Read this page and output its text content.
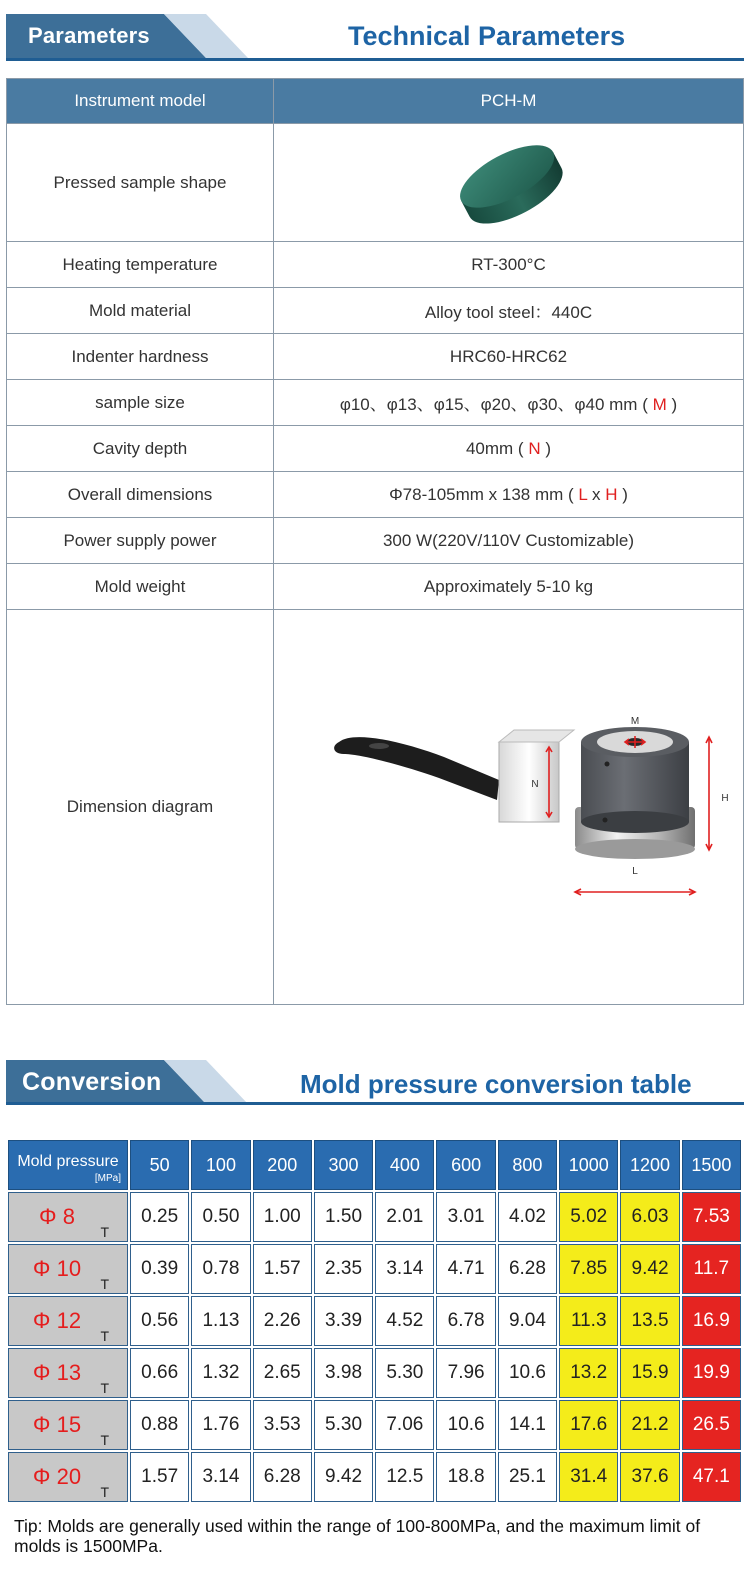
Parameters	Technical Parameters
Instrument model	PCH-M
Pressed sample shape	
Heating temperature	RT-300°C
Mold material	Alloy tool steel：440C
Indenter hardness	HRC60-HRC62
sample size	φ10、φ13、φ15、φ20、φ30、φ40 mm ( M )
Cavity depth	40mm ( N )
Overall dimensions	Φ78-105mm x 138 mm ( L x H )
Power supply power	300 W(220V/110V Customizable)
Mold weight	Approximately 5-10 kg
Dimension diagram	M
N
H
L
Conversion	Mold pressure conversion table
Mold pressure
[MPa]	50	100	200	300	400	600	800	1000	1200	1500
Φ 8
T	0.25	0.50	1.00	1.50	2.01	3.01	4.02	5.02	6.03	7.53
Φ 10
T	0.39	0.78	1.57	2.35	3.14	4.71	6.28	7.85	9.42	11.7
Φ 12
T	0.56	1.13	2.26	3.39	4.52	6.78	9.04	11.3	13.5	16.9
Φ 13
T	0.66	1.32	2.65	3.98	5.30	7.96	10.6	13.2	15.9	19.9
Φ 15
T	0.88	1.76	3.53	5.30	7.06	10.6	14.1	17.6	21.2	26.5
Φ 20
T	1.57	3.14	6.28	9.42	12.5	18.8	25.1	31.4	37.6	47.1
Tip: Molds are generally used within the range of 100-800MPa, and the maximum limit of molds is 1500MPa.
